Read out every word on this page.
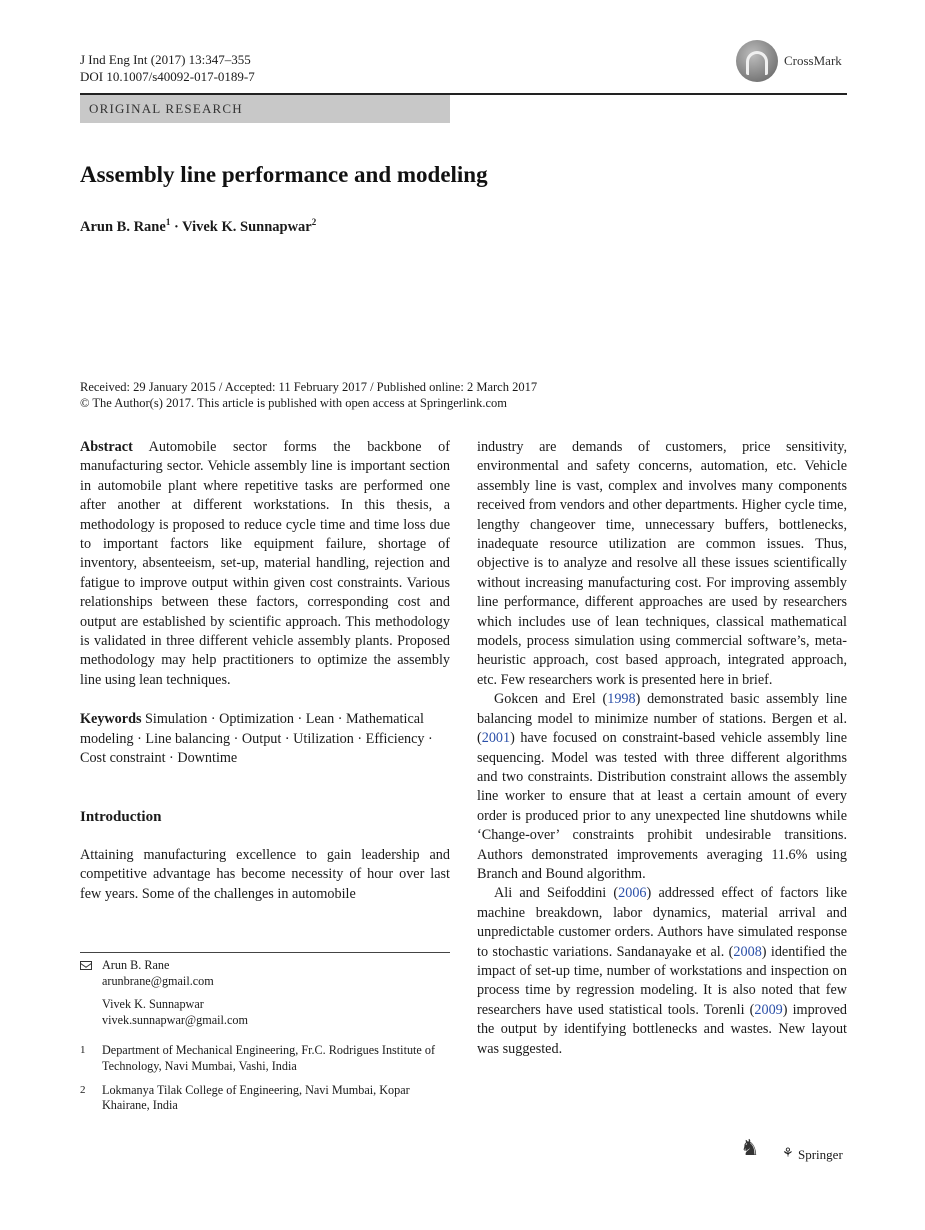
J Ind Eng Int (2017) 13:347–355
DOI 10.1007/s40092-017-0189-7
CrossMark
ORIGINAL RESEARCH
Assembly line performance and modeling
Arun B. Rane$^1$ · Vivek K. Sunnapwar$^2$
Received: 29 January 2015 / Accepted: 11 February 2017 / Published online: 2 March 2017
© The Author(s) 2017. This article is published with open access at Springerlink.com

Abstract Automobile sector forms the backbone of manufacturing sector. Vehicle assembly line is important section in automobile plant where repetitive tasks are performed one after another at different workstations. In this thesis, a methodology is proposed to reduce cycle time and time loss due to important factors like equipment failure, shortage of inventory, absenteeism, set-up, material handling, rejection and fatigue to improve output within given cost constraints. Various relationships between these factors, corresponding cost and output are established by scientific approach. This methodology is validated in three different vehicle assembly plants. Proposed methodology may help practitioners to optimize the assembly line using lean techniques.

Keywords Simulation · Optimization · Lean · Mathematical modeling · Line balancing · Output · Utilization · Efficiency · Cost constraint · Downtime

Introduction

Attaining manufacturing excellence to gain leadership and competitive advantage has become necessity of hour over last few years. Some of the challenges in automobile

Arun B. Rane
arunbrane@gmail.com
Vivek K. Sunnapwar
vivek.sunnapwar@gmail.com
1 Department of Mechanical Engineering, Fr.C. Rodrigues Institute of Technology, Navi Mumbai, Vashi, India
2 Lokmanya Tilak College of Engineering, Navi Mumbai, Kopar Khairane, India

industry are demands of customers, price sensitivity, environmental and safety concerns, automation, etc. Vehicle assembly line is vast, complex and involves many components received from vendors and other departments. Higher cycle time, lengthy changeover time, unnecessary buffers, bottlenecks, inadequate resource utilization are common issues. Thus, objective is to analyze and resolve all these issues scientifically without increasing manufacturing cost. For improving assembly line performance, different approaches are used by researchers which includes use of lean techniques, classical mathematical models, process simulation using commercial software’s, meta-heuristic approach, cost based approach, integrated approach, etc. Few researchers work is presented here in brief.

Gokcen and Erel (1998) demonstrated basic assembly line balancing model to minimize number of stations. Bergen et al. (2001) have focused on constraint-based vehicle assembly line sequencing. Model was tested with three different algorithms and two constraints. Distribution constraint allows the assembly line worker to ensure that at least a certain amount of every order is produced prior to any unexpected line shutdowns while ‘Change-over’ constraints prohibit undesirable transitions. Authors demonstrated improvements averaging 11.6% using Branch and Bound algorithm.

Ali and Seifoddini (2006) addressed effect of factors like machine breakdown, labor dynamics, material arrival and unpredictable customer orders. Authors have simulated response to stochastic variations. Sandanayake et al. (2008) identified the impact of set-up time, number of workstations and inspection on process time by regression modeling. It is also noted that few researchers have used statistical tools. Torenli (2009) improved the output by identifying bottlenecks and wastes. New layout was suggested.

♞ ⚘ Springer
